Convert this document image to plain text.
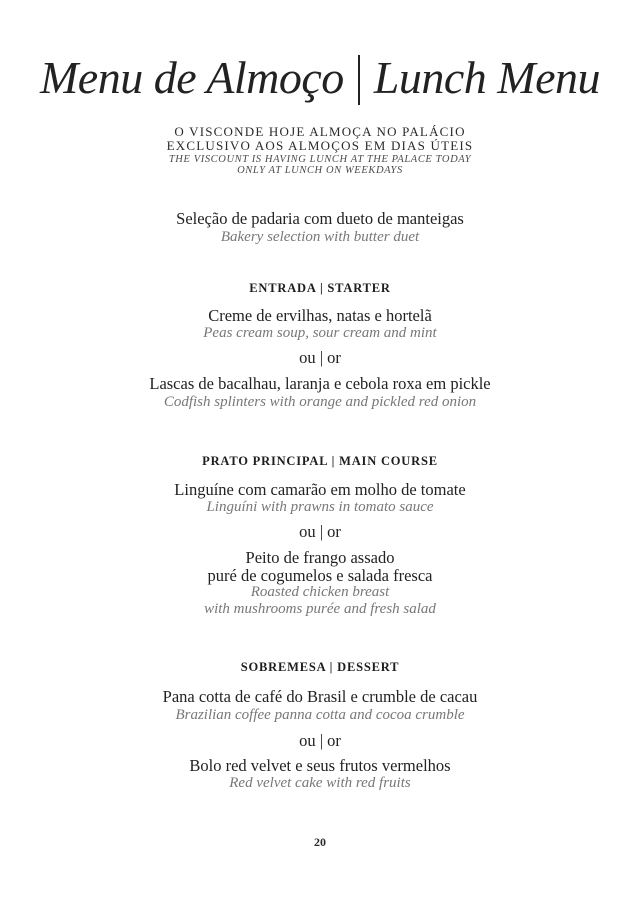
Menu de Almoço Lunch Menu
O VISCONDE HOJE ALMOÇA NO PALÁCIO
EXCLUSIVO AOS ALMOÇOS EM DIAS ÚTEIS
THE VISCOUNT IS HAVING LUNCH AT THE PALACE TODAY
ONLY AT LUNCH ON WEEKDAYS
Seleção de padaria com dueto de manteigas
Bakery selection with butter duet
ENTRADA | STARTER
Creme de ervilhas, natas e hortelã
Peas cream soup, sour cream and mint
ou | or
Lascas de bacalhau, laranja e cebola roxa em pickle
Codfish splinters with orange and pickled red onion
PRATO PRINCIPAL | MAIN COURSE
Linguíne com camarão em molho de tomate
Linguíni with prawns in tomato sauce
ou | or
Peito de frango assado
puré de cogumelos e salada fresca
Roasted chicken breast
with mushrooms purée and fresh salad
SOBREMESA | DESSERT
Pana cotta de café do Brasil e crumble de cacau
Brazilian coffee panna cotta and cocoa crumble
ou | or
Bolo red velvet e seus frutos vermelhos
Red velvet cake with red fruits
20
